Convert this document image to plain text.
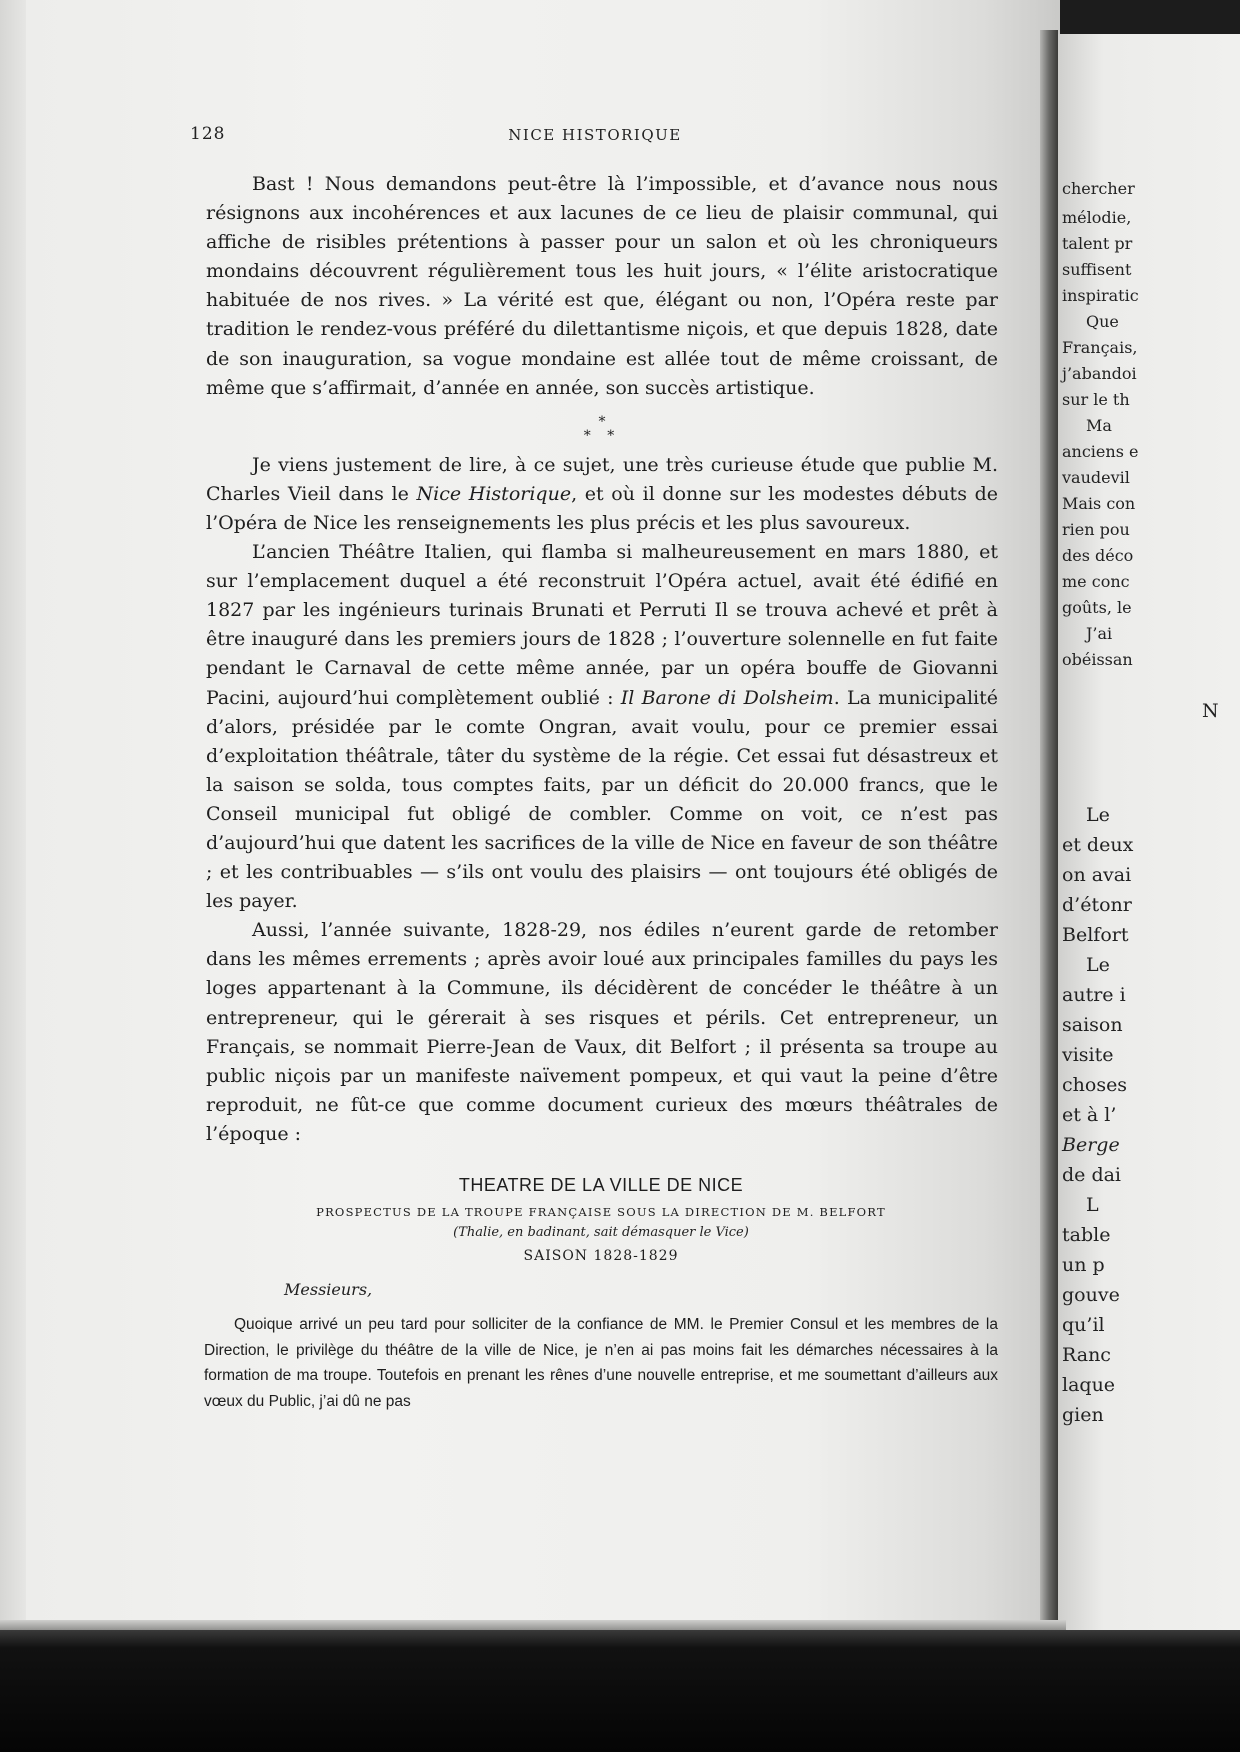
chercher
mélodie,
talent pr
suffisent
inspiratic
Que
Français,
j’abandoi
sur le th
Ma
anciens e
vaudevil
Mais con
rien pou
des déco
me conc
goûts, le
J’ai
obéissan
N
Le
et deux
on avai
d’étonr
Belfort
Le
autre i
saison
visite
choses
et à l’
Berge
de dai
L
table
un p
gouve
qu’il
Ranc
laque
gien
128	NICE HISTORIQUE

Bast ! Nous demandons peut-être là l’impossible, et d’avance nous nous résignons aux incohérences et aux lacunes de ce lieu de plaisir communal, qui affiche de risibles prétentions à passer pour un salon et où les chroniqueurs mondains découvrent régulièrement tous les huit jours, « l’élite aristocratique habituée de nos rives. » La vérité est que, élégant ou non, l’Opéra reste par tradition le rendez-vous préféré du dilettantisme niçois, et que depuis 1828, date de son inauguration, sa vogue mondaine est allée tout de même croissant, de même que s’affirmait, d’année en année, son succès artistique.

*
* *

Je viens justement de lire, à ce sujet, une très curieuse étude que publie M. Charles Vieil dans le Nice Historique, et où il donne sur les modestes débuts de l’Opéra de Nice les renseignements les plus précis et les plus savoureux.

L’ancien Théâtre Italien, qui flamba si malheureusement en mars 1880, et sur l’emplacement duquel a été reconstruit l’Opéra actuel, avait été édifié en 1827 par les ingénieurs turinais Brunati et Perruti Il se trouva achevé et prêt à être inauguré dans les premiers jours de 1828 ; l’ouverture solennelle en fut faite pendant le Carnaval de cette même année, par un opéra bouffe de Giovanni Pacini, aujourd’hui complètement oublié : Il Barone di Dolsheim. La municipalité d’alors, présidée par le comte Ongran, avait voulu, pour ce premier essai d’exploitation théâtrale, tâter du système de la régie. Cet essai fut désastreux et la saison se solda, tous comptes faits, par un déficit do 20.000 francs, que le Conseil municipal fut obligé de combler. Comme on voit, ce n’est pas d’aujourd’hui que datent les sacrifices de la ville de Nice en faveur de son théâtre ; et les contribuables — s’ils ont voulu des plaisirs — ont toujours été obligés de les payer.

Aussi, l’année suivante, 1828-29, nos édiles n’eurent garde de retomber dans les mêmes errements ; après avoir loué aux principales familles du pays les loges appartenant à la Commune, ils décidèrent de concéder le théâtre à un entrepreneur, qui le gérerait à ses risques et périls. Cet entrepreneur, un Français, se nommait Pierre-Jean de Vaux, dit Belfort ; il présenta sa troupe au public niçois par un manifeste naïvement pompeux, et qui vaut la peine d’être reproduit, ne fût-ce que comme document curieux des mœurs théâtrales de l’époque :

THEATRE DE LA VILLE DE NICE
PROSPECTUS DE LA TROUPE FRANÇAISE SOUS LA DIRECTION DE M. BELFORT
(Thalie, en badinant, sait démasquer le Vice)
SAISON 1828-1829
Messieurs,
Quoique arrivé un peu tard pour solliciter de la confiance de MM. le Premier Consul et les membres de la Direction, le privilège du théâtre de la ville de Nice, je n’en ai pas moins fait les démarches nécessaires à la formation de ma troupe. Toutefois en prenant les rênes d’une nouvelle entreprise, et me soumettant d’ailleurs aux vœux du Public, j’ai dû ne pas
